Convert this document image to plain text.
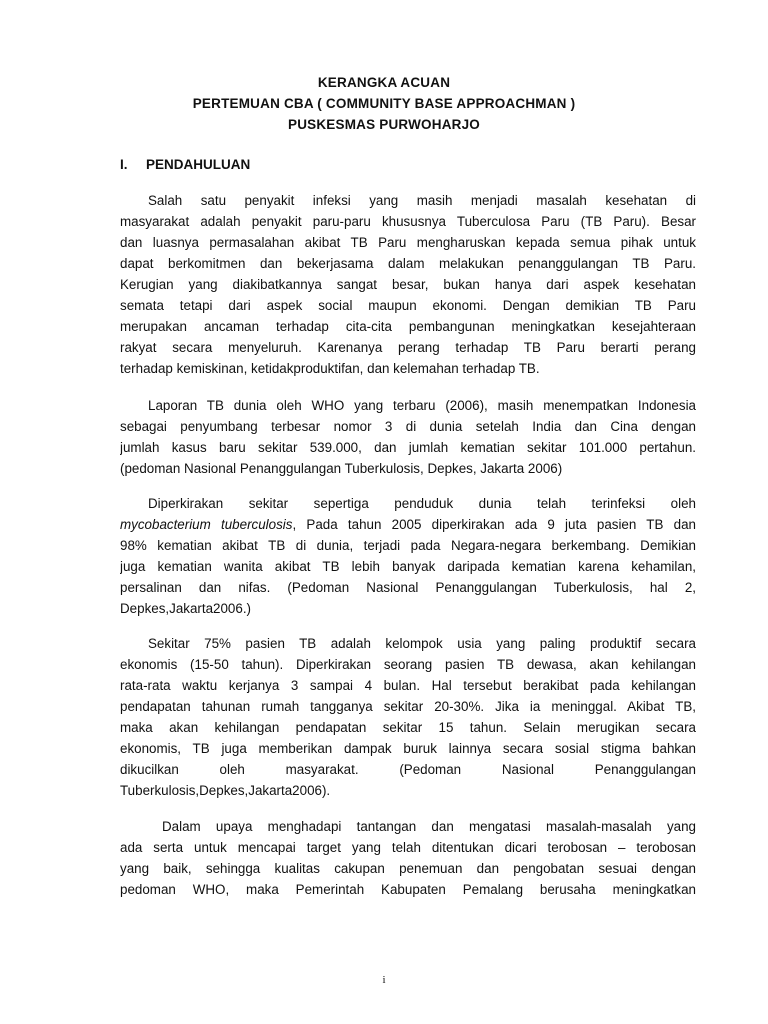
KERANGKA ACUAN
PERTEMUAN CBA ( COMMUNITY BASE APPROACHMAN )
PUSKESMAS PURWOHARJO
I. PENDAHULUAN
Salah satu penyakit infeksi yang masih menjadi masalah kesehatan di
masyarakat adalah penyakit paru-paru khususnya Tuberculosa Paru (TB Paru). Besar
dan luasnya permasalahan akibat TB Paru mengharuskan kepada semua pihak untuk
dapat berkomitmen dan bekerjasama dalam melakukan penanggulangan TB Paru.
Kerugian yang diakibatkannya sangat besar, bukan hanya dari aspek kesehatan
semata tetapi dari aspek social maupun ekonomi. Dengan demikian TB Paru
merupakan ancaman terhadap cita-cita pembangunan meningkatkan kesejahteraan
rakyat secara menyeluruh. Karenanya perang terhadap TB Paru berarti perang
terhadap kemiskinan, ketidakproduktifan, dan kelemahan terhadap TB.
Laporan TB dunia oleh WHO yang terbaru (2006), masih menempatkan Indonesia
sebagai penyumbang terbesar nomor 3 di dunia setelah India dan Cina dengan
jumlah kasus baru sekitar 539.000, dan jumlah kematian sekitar 101.000 pertahun.
(pedoman Nasional Penanggulangan Tuberkulosis, Depkes, Jakarta 2006)
Diperkirakan sekitar sepertiga penduduk dunia telah terinfeksi oleh
mycobacterium tuberculosis, Pada tahun 2005 diperkirakan ada 9 juta pasien TB dan
98% kematian akibat TB di dunia, terjadi pada Negara-negara berkembang. Demikian
juga kematian wanita akibat TB lebih banyak daripada kematian karena kehamilan,
persalinan dan nifas. (Pedoman Nasional Penanggulangan Tuberkulosis, hal 2,
Depkes,Jakarta2006.)
Sekitar 75% pasien TB adalah kelompok usia yang paling produktif secara
ekonomis (15-50 tahun). Diperkirakan seorang pasien TB dewasa, akan kehilangan
rata-rata waktu kerjanya 3 sampai 4 bulan. Hal tersebut berakibat pada kehilangan
pendapatan tahunan rumah tangganya sekitar 20-30%. Jika ia meninggal. Akibat TB,
maka akan kehilangan pendapatan sekitar 15 tahun. Selain merugikan secara
ekonomis, TB juga memberikan dampak buruk lainnya secara sosial stigma bahkan
dikucilkan oleh masyarakat. (Pedoman Nasional Penanggulangan
Tuberkulosis,Depkes,Jakarta2006).
Dalam upaya menghadapi tantangan dan mengatasi masalah-masalah yang
ada serta untuk mencapai target yang telah ditentukan dicari terobosan – terobosan
yang baik, sehingga kualitas cakupan penemuan dan pengobatan sesuai dengan
pedoman WHO, maka Pemerintah Kabupaten Pemalang berusaha meningkatkan
i
